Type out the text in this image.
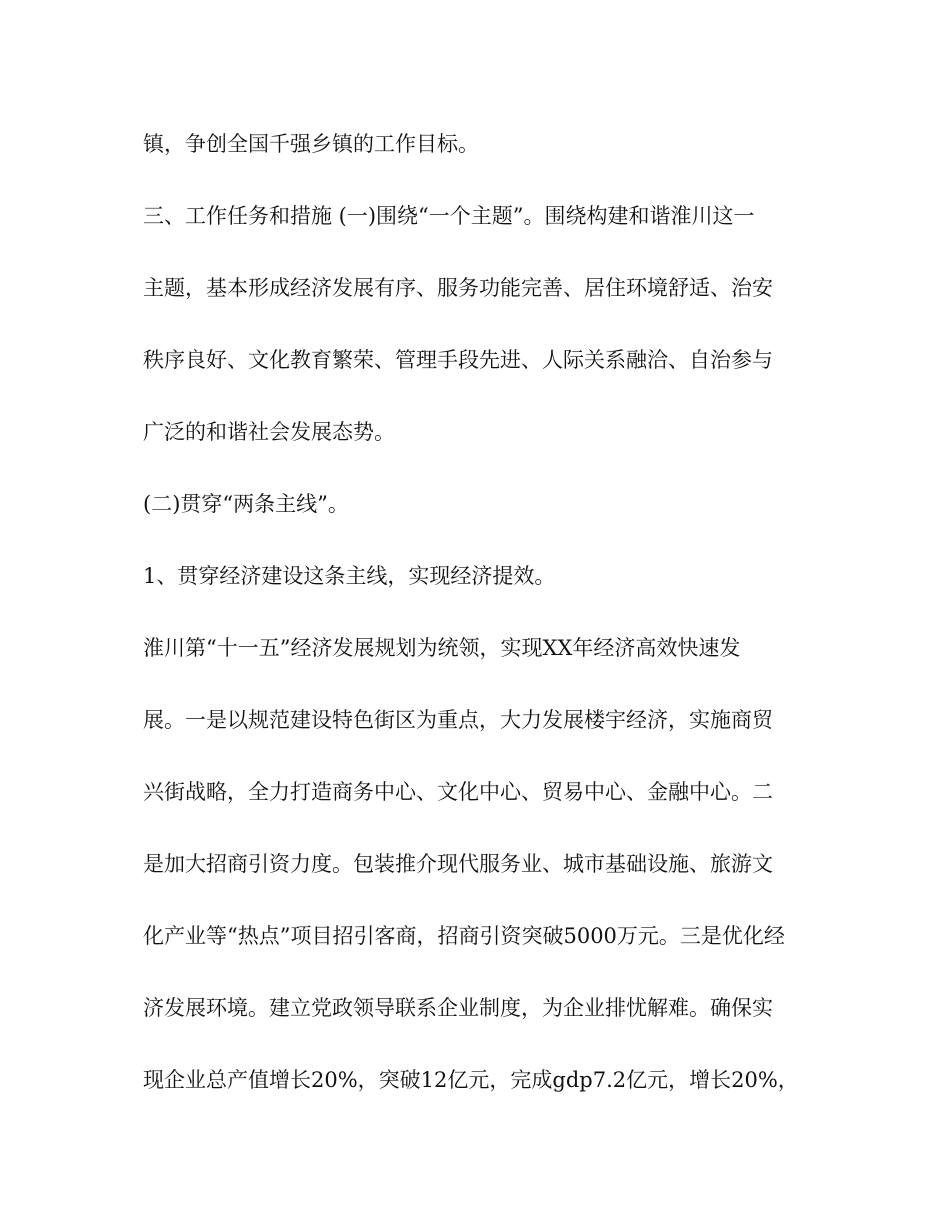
镇，争创全国千强乡镇的工作目标。
三、工作任务和措施 (一)围绕“一个主题”。围绕构建和谐淮川这一
主题，基本形成经济发展有序、服务功能完善、居住环境舒适、治安
秩序良好、文化教育繁荣、管理手段先进、人际关系融洽、自治参与
广泛的和谐社会发展态势。
(二)贯穿“两条主线”。
1、贯穿经济建设这条主线，实现经济提效。
淮川第“十一五”经济发展规划为统领，实现XX年经济高效快速发
展。一是以规范建设特色街区为重点，大力发展楼宇经济，实施商贸
兴街战略，全力打造商务中心、文化中心、贸易中心、金融中心。二
是加大招商引资力度。包装推介现代服务业、城市基础设施、旅游文
化产业等“热点”项目招引客商，招商引资突破5000万元。三是优化经
济发展环境。建立党政领导联系企业制度，为企业排忧解难。确保实
现企业总产值增长20%，突破12亿元，完成gdp7.2亿元，增长20%，
